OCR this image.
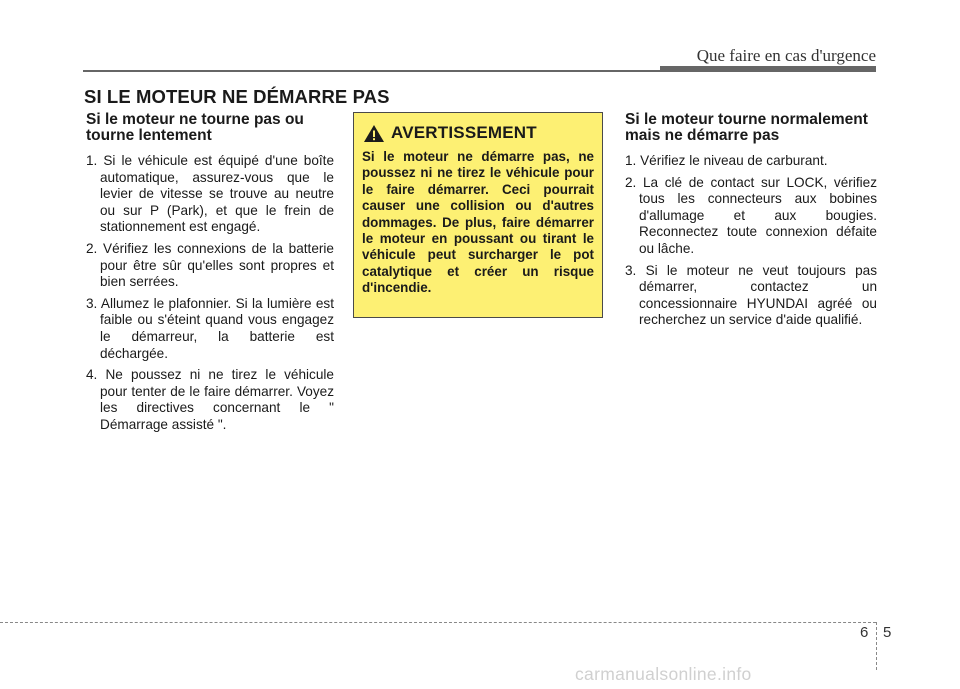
Que faire en cas d'urgence
SI LE MOTEUR NE DÉMARRE PAS
Si le moteur ne tourne pas ou tourne lentement
1. Si le véhicule est équipé d'une boîte automatique, assurez-vous que le levier de vitesse se trouve au neutre ou sur P (Park), et que le frein de stationnement est engagé.
2. Vérifiez les connexions de la batterie pour être sûr qu'elles sont propres et bien serrées.
3. Allumez le plafonnier. Si la lumière est faible ou s'éteint quand vous engagez le démarreur, la batterie est déchargée.
4. Ne poussez ni ne tirez le véhicule pour tenter de le faire démarrer. Voyez les directives concernant le " Démarrage assisté ".
AVERTISSEMENT

Si le moteur ne démarre pas, ne poussez ni ne tirez le véhicule pour le faire démarrer. Ceci pourrait causer une collision ou d'autres dommages. De plus, faire démarrer le moteur en poussant ou tirant le véhicule peut surcharger le pot catalytique et créer un risque d'incendie.

Si le moteur tourne normalement mais ne démarre pas
1. Vérifiez le niveau de carburant.
2. La clé de contact sur LOCK, vérifiez tous les connecteurs aux bobines d'allumage et aux bougies. Reconnectez toute connexion défaite ou lâche.
3. Si le moteur ne veut toujours pas démarrer, contactez un concessionnaire HYUNDAI agréé ou recherchez un service d'aide qualifié.
6 5
carmanualsonline.info
